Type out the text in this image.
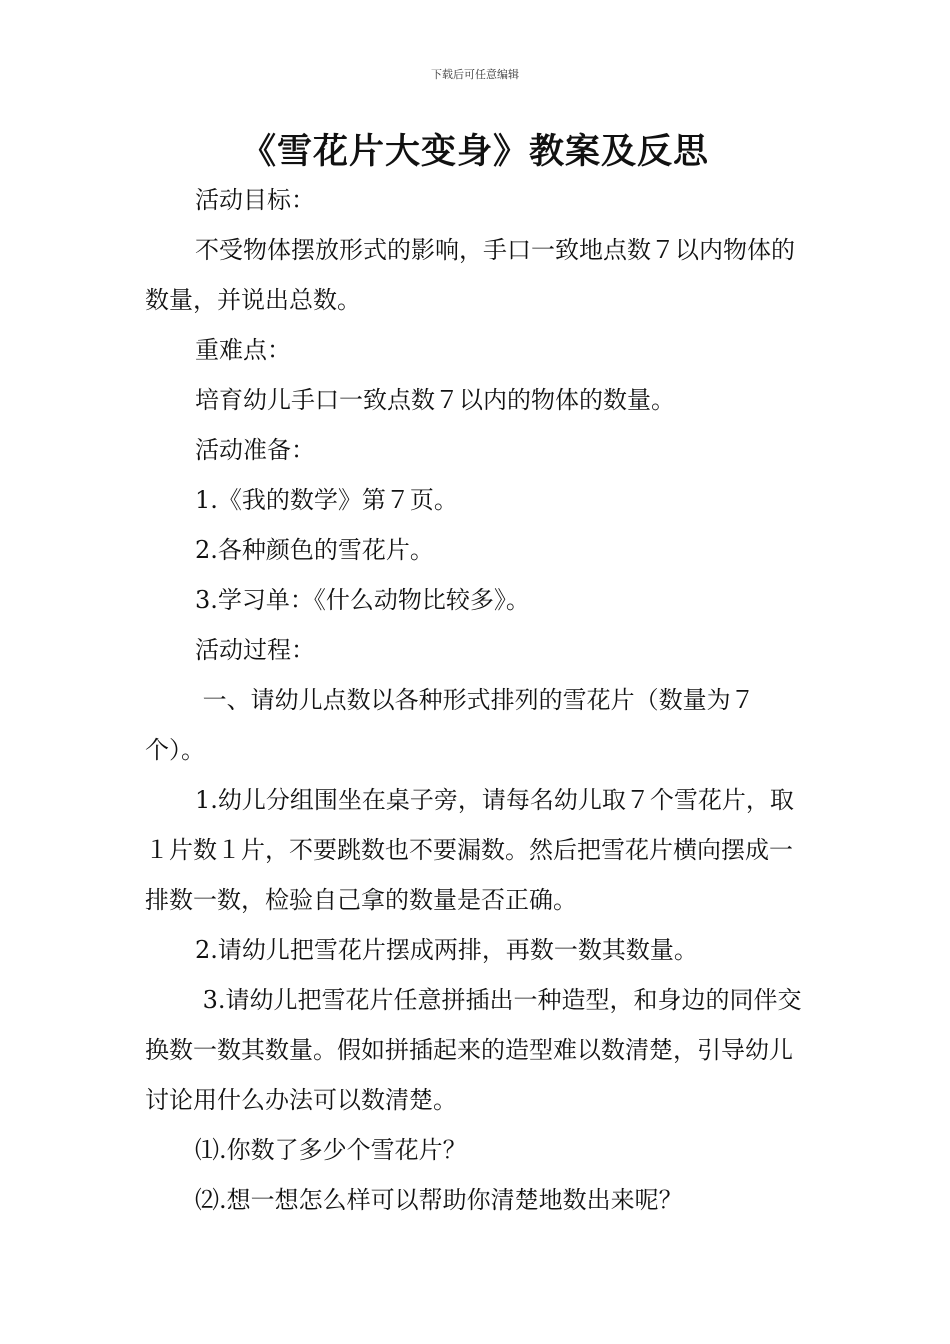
下载后可任意编辑
《雪花片大变身》教案及反思

活动目标：

不受物体摆放形式的影响，手口一致地点数７以内物体的数量，并说出总数。

重难点：

培育幼儿手口一致点数７以内的物体的数量。

活动准备：

1.《我的数学》第７页。

2.各种颜色的雪花片。

3.学习单：《什么动物比较多》。

活动过程：

一、请幼儿点数以各种形式排列的雪花片（数量为７个）。

1.幼儿分组围坐在桌子旁，请每名幼儿取７个雪花片，取１片数１片，不要跳数也不要漏数。然后把雪花片横向摆成一排数一数，检验自己拿的数量是否正确。

2.请幼儿把雪花片摆成两排，再数一数其数量。

3.请幼儿把雪花片任意拼插出一种造型，和身边的同伴交换数一数其数量。假如拼插起来的造型难以数清楚，引导幼儿讨论用什么办法可以数清楚。

⑴.你数了多少个雪花片？

⑵.想一想怎么样可以帮助你清楚地数出来呢？
